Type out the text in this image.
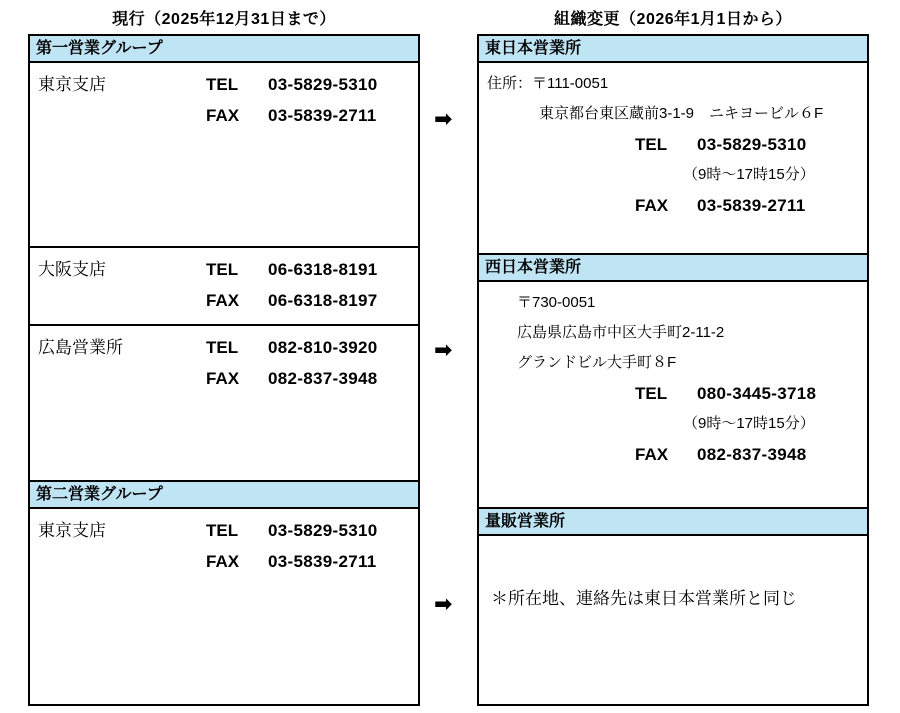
現行（2025年12月31日まで）	組織変更（2026年1月1日から）
第一営業グループ
東京支店	TEL	03-5829-5310
FAX	03-5839-2711
大阪支店	TEL	06-6318-8191
FAX	06-6318-8197
広島営業所	TEL	082-810-3920
FAX	082-837-3948
第二営業グループ
東京支店	TEL	03-5829-5310
FAX	03-5839-2711
➡
➡
➡
東日本営業所
住所：〒111-0051
東京都台東区蔵前3-1-9　ニキヨービル６F
TEL	03-5829-5310
（9時～17時15分）
FAX	03-5839-2711
西日本営業所
〒730-0051
広島県広島市中区大手町2-11-2
グランドビル大手町８F
TEL	080-3445-3718
（9時～17時15分）
FAX	082-837-3948
量販営業所
＊所在地、連絡先は東日本営業所と同じ
